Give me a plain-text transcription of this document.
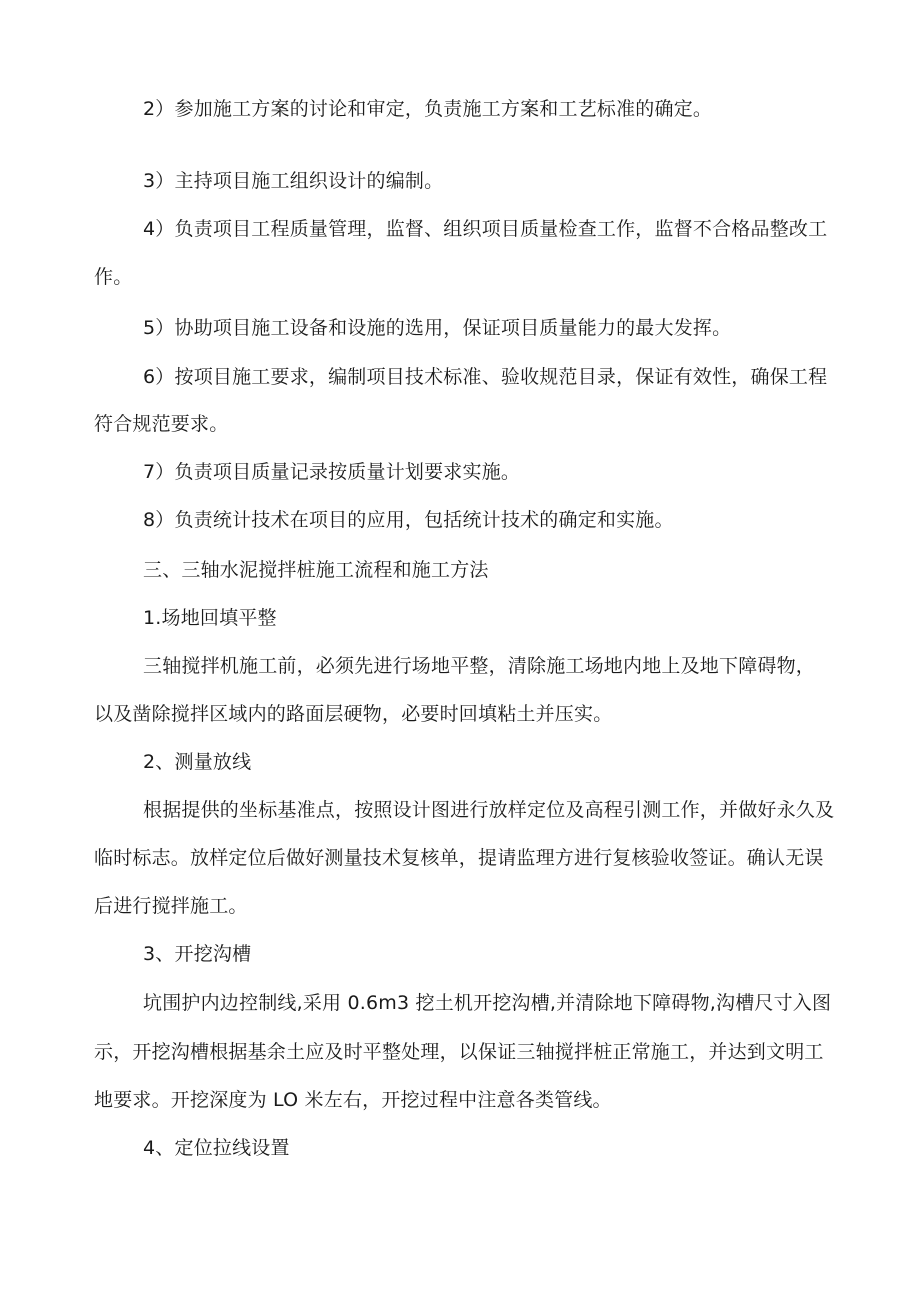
2）参加施工方案的讨论和审定，负责施工方案和工艺标准的确定。
3）主持项目施工组织设计的编制。
4）负责项目工程质量管理，监督、组织项目质量检查工作，监督不合格品整改工
作。
5）协助项目施工设备和设施的选用，保证项目质量能力的最大发挥。
6）按项目施工要求，编制项目技术标准、验收规范目录，保证有效性，确保工程
符合规范要求。
7）负责项目质量记录按质量计划要求实施。
8）负责统计技术在项目的应用，包括统计技术的确定和实施。
三、三轴水泥搅拌桩施工流程和施工方法
1.场地回填平整
三轴搅拌机施工前，必须先进行场地平整，清除施工场地内地上及地下障碍物，
以及凿除搅拌区域内的路面层硬物，必要时回填粘土并压实。
2、测量放线
根据提供的坐标基准点，按照设计图进行放样定位及高程引测工作，并做好永久及
临时标志。放样定位后做好测量技术复核单，提请监理方进行复核验收签证。确认无误
后进行搅拌施工。
3、开挖沟槽
坑围护内边控制线,采用 0.6m3 挖土机开挖沟槽,并清除地下障碍物,沟槽尺寸入图
示，开挖沟槽根据基余土应及时平整处理，以保证三轴搅拌桩正常施工，并达到文明工
地要求。开挖深度为 LO 米左右，开挖过程中注意各类管线。
4、定位拉线设置
